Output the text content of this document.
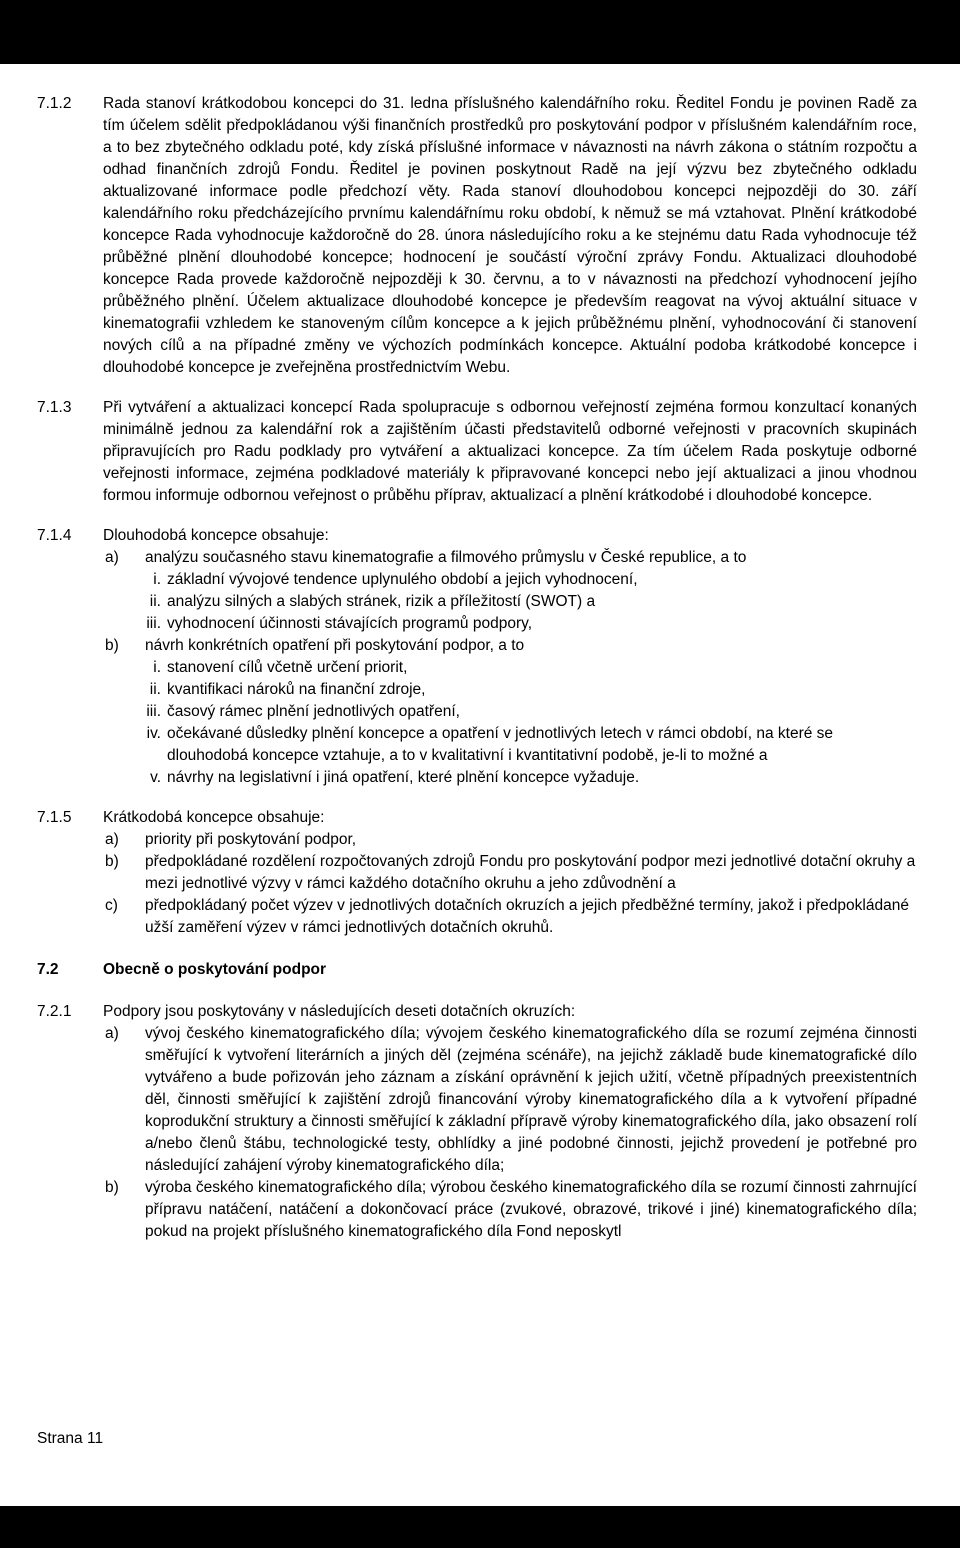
7.1.2	Rada stanoví krátkodobou koncepci do 31. ledna příslušného kalendářního roku. Ředitel Fondu je povinen Radě za tím účelem sdělit předpokládanou výši finančních prostředků pro poskytování podpor v příslušném kalendářním roce, a to bez zbytečného odkladu poté, kdy získá příslušné informace v návaznosti na návrh zákona o státním rozpočtu a odhad finančních zdrojů Fondu. Ředitel je povinen poskytnout Radě na její výzvu bez zbytečného odkladu aktualizované informace podle předchozí věty. Rada stanoví dlouhodobou koncepci nejpozději do 30. září kalendářního roku předcházejícího prvnímu kalendářnímu roku období, k němuž se má vztahovat. Plnění krátkodobé koncepce Rada vyhodnocuje každoročně do 28. února následujícího roku a ke stejnému datu Rada vyhodnocuje též průběžné plnění dlouhodobé koncepce; hodnocení je součástí výroční zprávy Fondu. Aktualizaci dlouhodobé koncepce Rada provede každoročně nejpozději k 30. červnu, a to v návaznosti na předchozí vyhodnocení jejího průběžného plnění. Účelem aktualizace dlouhodobé koncepce je především reagovat na vývoj aktuální situace v kinematografii vzhledem ke stanoveným cílům koncepce a k jejich průběžnému plnění, vyhodnocování či stanovení nových cílů a na případné změny ve výchozích podmínkách koncepce. Aktuální podoba krátkodobé koncepce i dlouhodobé koncepce je zveřejněna prostřednictvím Webu.
7.1.3	Při vytváření a aktualizaci koncepcí Rada spolupracuje s odbornou veřejností zejména formou konzultací konaných minimálně jednou za kalendářní rok a zajištěním účasti představitelů odborné veřejnosti v pracovních skupinách připravujících pro Radu podklady pro vytváření a aktualizaci koncepce. Za tím účelem Rada poskytuje odborné veřejnosti informace, zejména podkladové materiály k připravované koncepci nebo její aktualizaci a jinou vhodnou formou informuje odbornou veřejnost o průběhu příprav, aktualizací a plnění krátkodobé i dlouhodobé koncepce.
7.1.4	Dlouhodobá koncepce obsahuje:
a)	analýzu současného stavu kinematografie a filmového průmyslu v České republice, a to
i. základní vývojové tendence uplynulého období a jejich vyhodnocení,
ii. analýzu silných a slabých stránek, rizik a příležitostí (SWOT) a
iii. vyhodnocení účinnosti stávajících programů podpory,
b)	návrh konkrétních opatření při poskytování podpor, a to
i. stanovení cílů včetně určení priorit,
ii. kvantifikaci nároků na finanční zdroje,
iii. časový rámec plnění jednotlivých opatření,
iv. očekávané důsledky plnění koncepce a opatření v jednotlivých letech v rámci období, na které se dlouhodobá koncepce vztahuje, a to v kvalitativní i kvantitativní podobě, je-li to možné a
v. návrhy na legislativní i jiná opatření, které plnění koncepce vyžaduje.
7.1.5	Krátkodobá koncepce obsahuje:
a)	priority při poskytování podpor,
b)	předpokládané rozdělení rozpočtovaných zdrojů Fondu pro poskytování podpor mezi jednotlivé dotační okruhy a mezi jednotlivé výzvy v rámci každého dotačního okruhu a jeho zdůvodnění a
c)	předpokládaný počet výzev v jednotlivých dotačních okruzích a jejich předběžné termíny, jakož i předpokládané užší zaměření výzev v rámci jednotlivých dotačních okruhů.
7.2	Obecně o poskytování podpor
7.2.1	Podpory jsou poskytovány v následujících deseti dotačních okruzích:
a)	vývoj českého kinematografického díla; vývojem českého kinematografického díla se rozumí zejména činnosti směřující k vytvoření literárních a jiných děl (zejména scénáře), na jejichž základě bude kinematografické dílo vytvářeno a bude pořizován jeho záznam a získání oprávnění k jejich užití, včetně případných preexistentních děl, činnosti směřující k zajištění zdrojů financování výroby kinematografického díla a k vytvoření případné koprodukční struktury a činnosti směřující k základní přípravě výroby kinematografického díla, jako obsazení rolí a/nebo členů štábu, technologické testy, obhlídky a jiné podobné činnosti, jejichž provedení je potřebné pro následující zahájení výroby kinematografického díla;
b)	výroba českého kinematografického díla; výrobou českého kinematografického díla se rozumí činnosti zahrnující přípravu natáčení, natáčení a dokončovací práce (zvukové, obrazové, trikové i jiné) kinematografického díla; pokud na projekt příslušného kinematografického díla Fond neposkytl
Strana 11
